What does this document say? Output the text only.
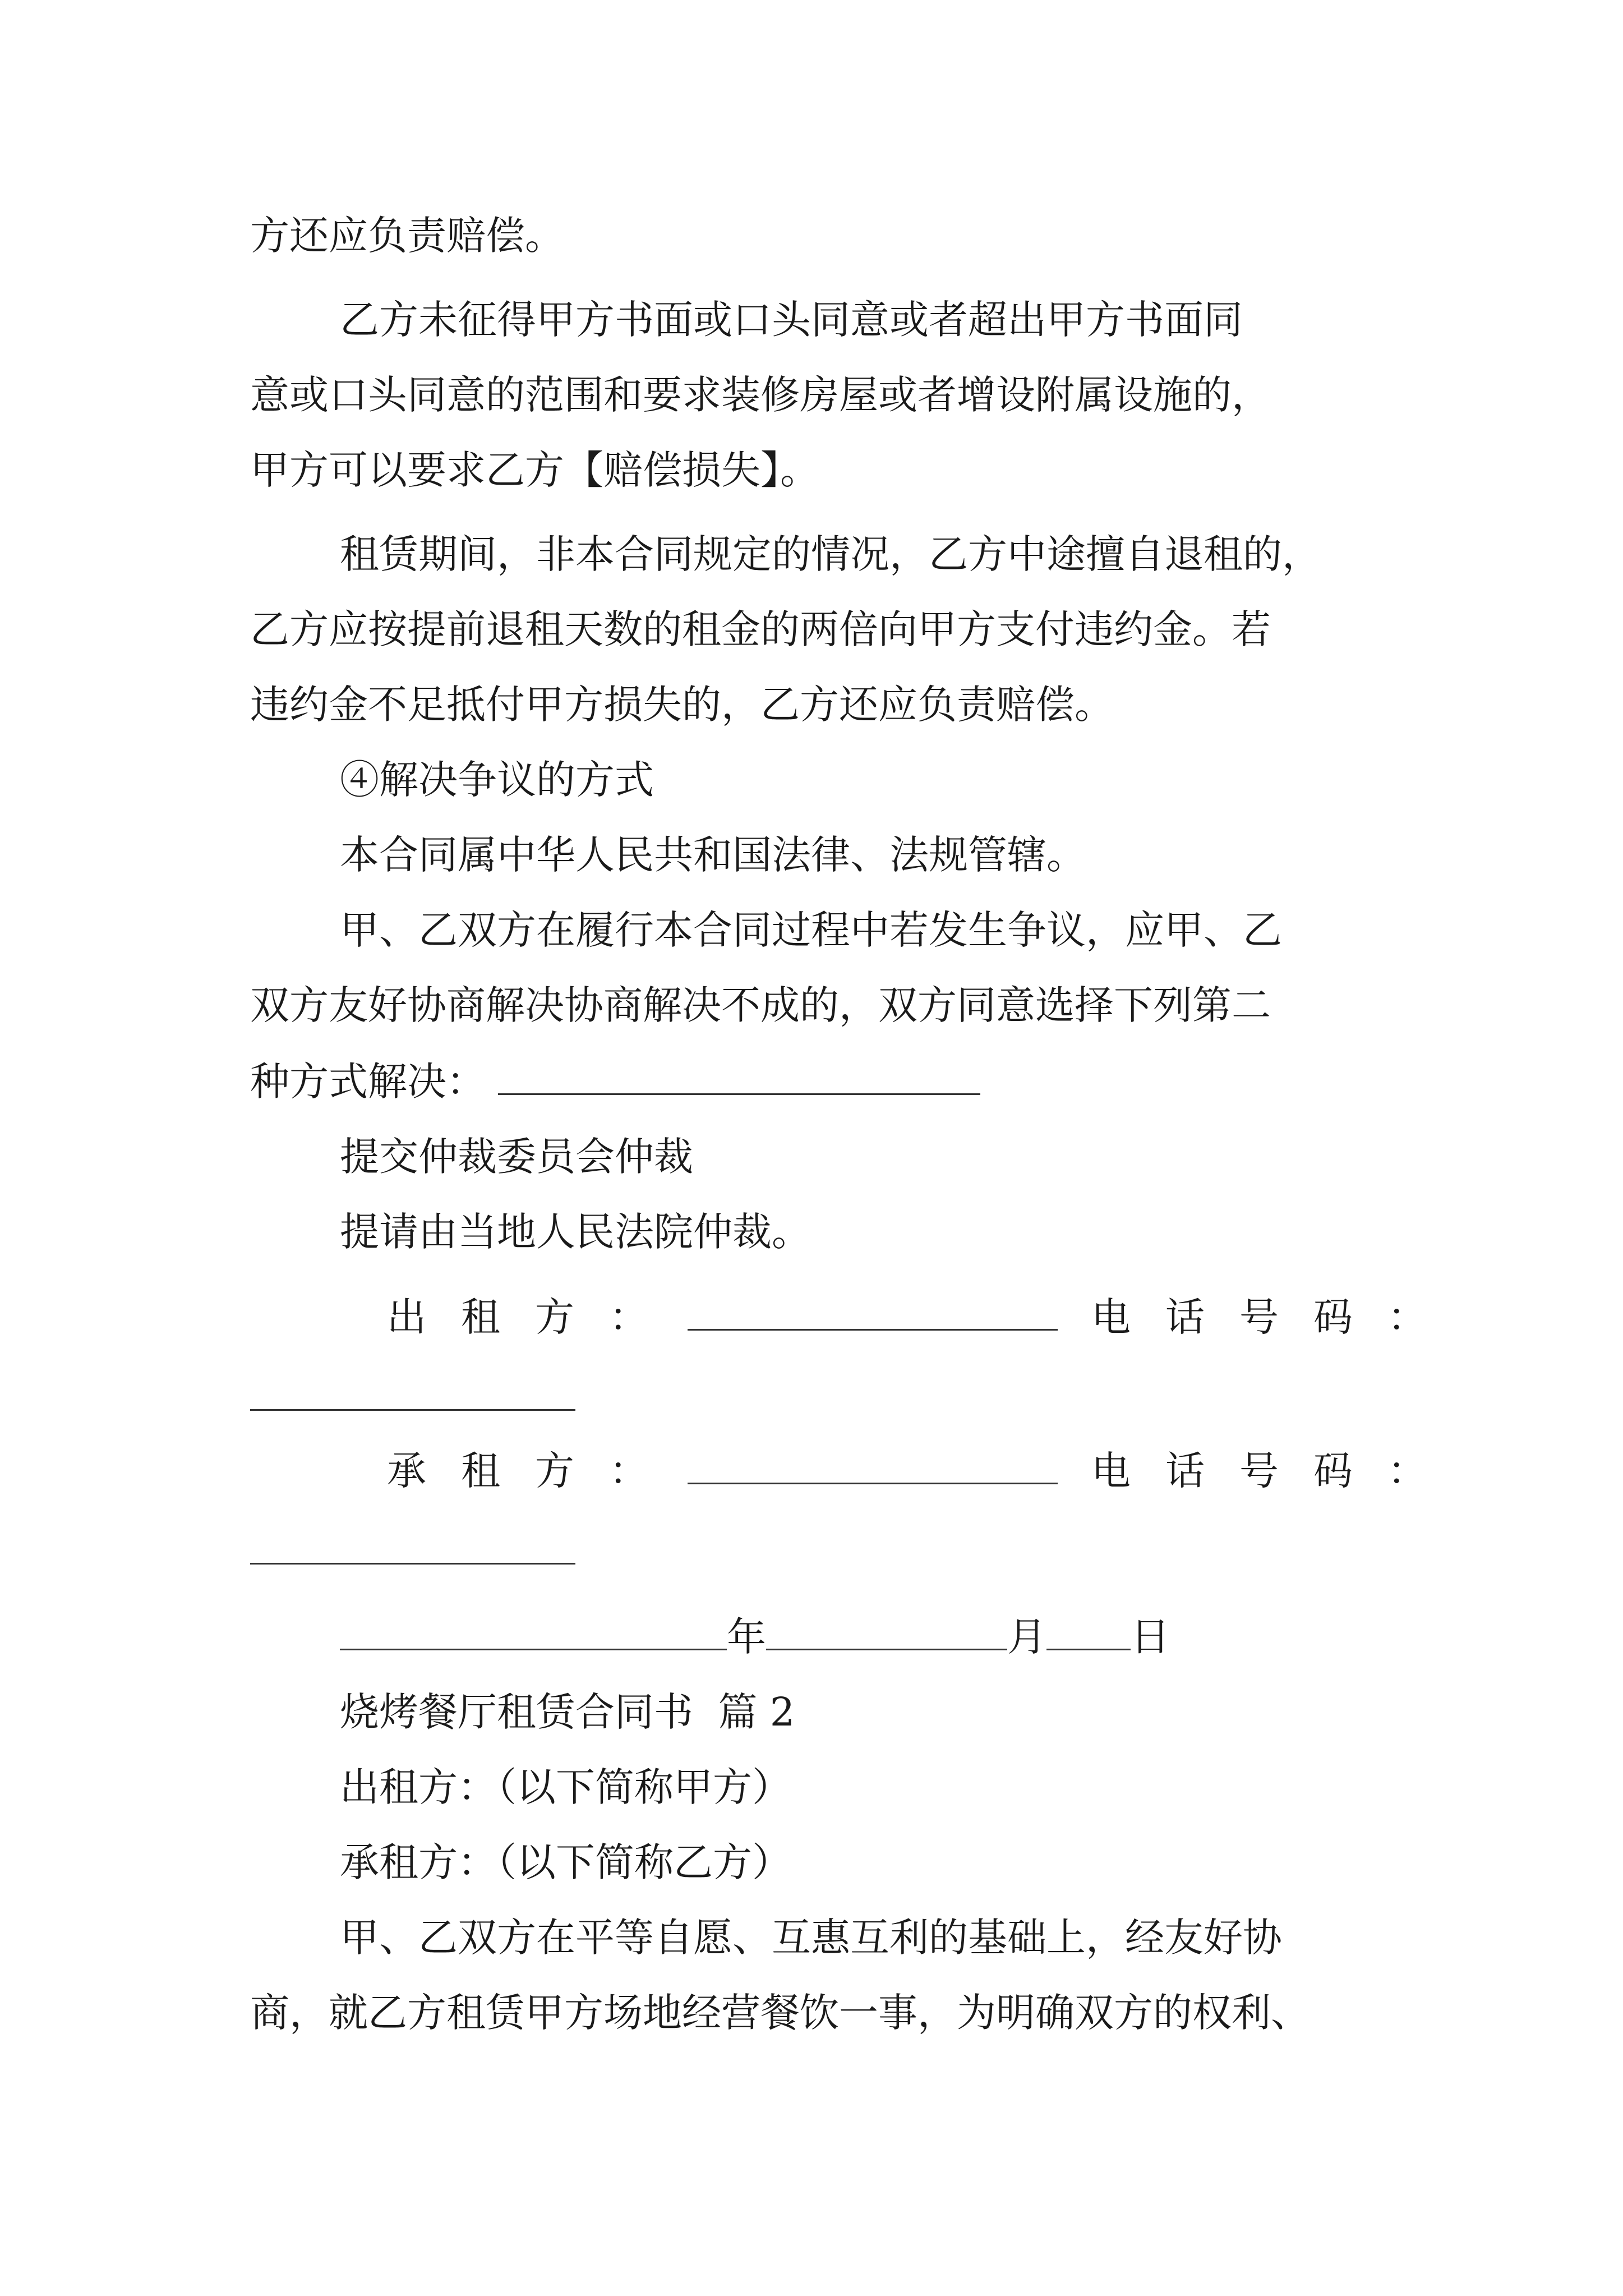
方还应负责赔偿。
乙方未征得甲方书面或口头同意或者超出甲方书面同
意或口头同意的范围和要求装修房屋或者增设附属设施的，
甲方可以要求乙方【赔偿损失】。
租赁期间，非本合同规定的情况，乙方中途擅自退租的，
乙方应按提前退租天数的租金的两倍向甲方支付违约金。若
违约金不足抵付甲方损失的，乙方还应负责赔偿。
④解决争议的方式
本合同属中华人民共和国法律、法规管辖。
甲、乙双方在履行本合同过程中若发生争议，应甲、乙
双方友好协商解决协商解决不成的，双方同意选择下列第二
种方式解决：
提交仲裁委员会仲裁
提请由当地人民法院仲裁。
出 租 方 ：	电 话 号 码 ：
承 租 方 ：	电 话 号 码 ：
年	月 日
烧烤餐厅租赁合同书  篇 2
出租方：（以下简称甲方）
承租方：（以下简称乙方）
甲、乙双方在平等自愿、互惠互利的基础上，经友好协
商，就乙方租赁甲方场地经营餐饮一事，为明确双方的权利、
